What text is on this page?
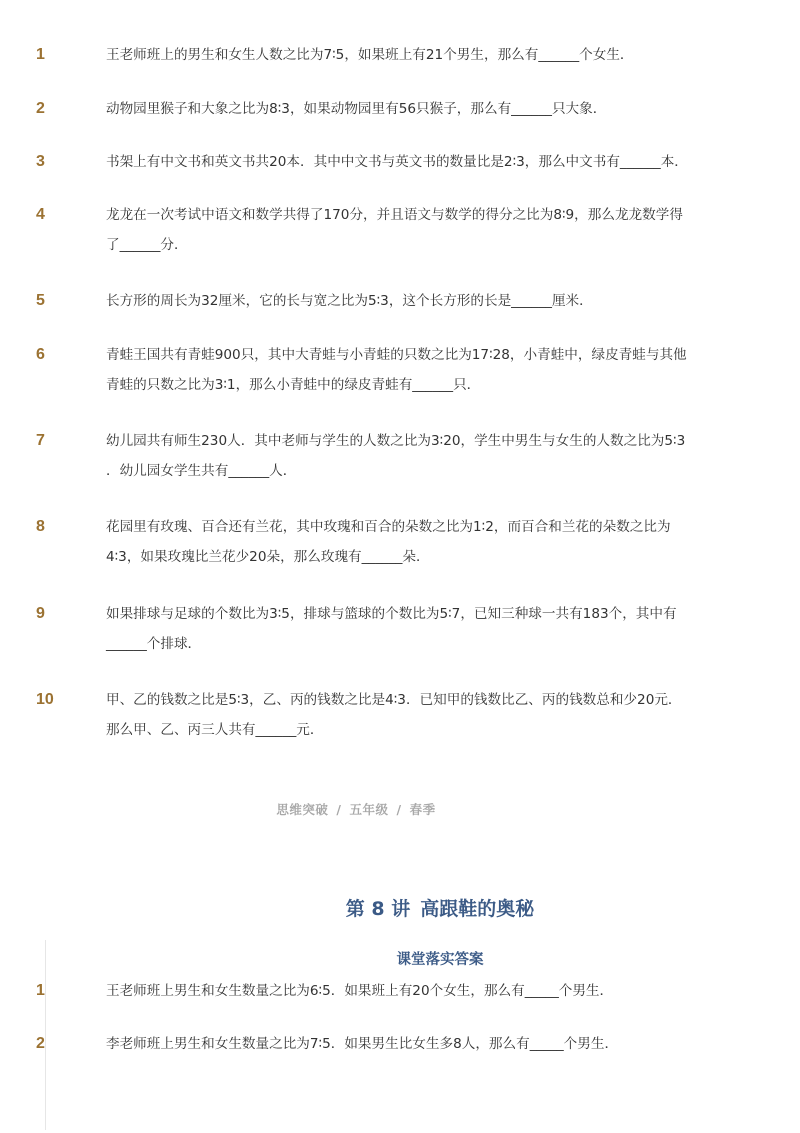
1	王老师班上的男生和女生人数之比为7∶5，如果班上有21个男生，那么有______个女生．
2	动物园里猴子和大象之比为8∶3，如果动物园里有56只猴子，那么有______只大象．
3	书架上有中文书和英文书共20本．其中中文书与英文书的数量比是2∶3，那么中文书有______本．
4	龙龙在一次考试中语文和数学共得了170分，并且语文与数学的得分之比为8∶9，那么龙龙数学得
了______分．
5	长方形的周长为32厘米，它的长与宽之比为5∶3，这个长方形的长是______厘米．
6	青蛙王国共有青蛙900只，其中大青蛙与小青蛙的只数之比为17∶28，小青蛙中，绿皮青蛙与其他
青蛙的只数之比为3∶1，那么小青蛙中的绿皮青蛙有______只．
7	幼儿园共有师生230人．其中老师与学生的人数之比为3∶20，学生中男生与女生的人数之比为5∶3
．幼儿园女学生共有______人．
8	花园里有玫瑰、百合还有兰花，其中玫瑰和百合的朵数之比为1∶2，而百合和兰花的朵数之比为
4∶3，如果玫瑰比兰花少20朵，那么玫瑰有______朵．
9	如果排球与足球的个数比为3∶5，排球与篮球的个数比为5∶7，已知三种球一共有183个，其中有
______个排球．
10	甲、乙的钱数之比是5∶3，乙、丙的钱数之比是4∶3．已知甲的钱数比乙、丙的钱数总和少20元．
那么甲、乙、丙三人共有______元．
思维突破 / 五年级 / 春季
第 8 讲 高跟鞋的奥秘
课堂落实答案
1	王老师班上男生和女生数量之比为6∶5．如果班上有20个女生，那么有_____个男生．
2	李老师班上男生和女生数量之比为7∶5．如果男生比女生多8人，那么有_____个男生．
